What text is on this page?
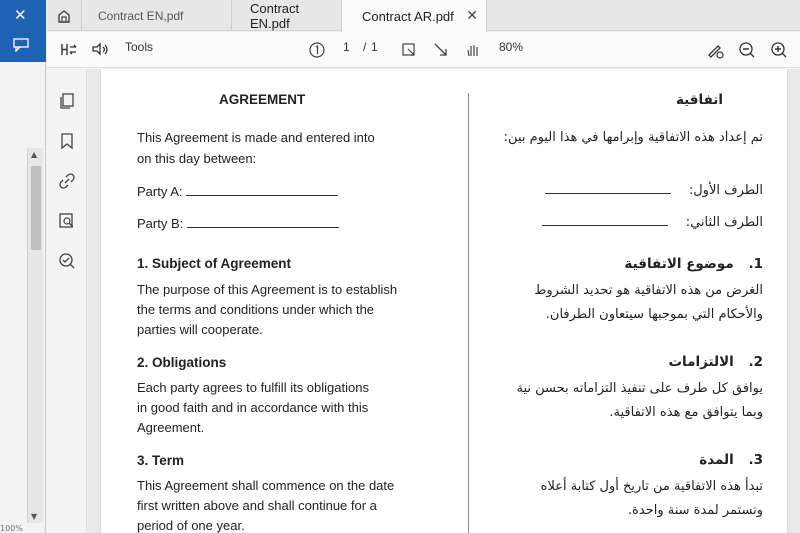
✕
▲
▼
100%
Contract EN,pdf	Contract EN.pdf	Contract AR.pdf ✕
Tools	1 / 1	80%
AGREEMENT
This Agreement is made and entered into
on this day between:
Party A:
Party B:
1. Subject of Agreement
The purpose of this Agreement is to establish
the terms and conditions under which the
parties will cooperate.
2. Obligations
Each party agrees to fulfill its obligations
in good faith and in accordance with this
Agreement.
3. Term
This Agreement shall commence on the date
first written above and shall continue for a
period of one year.
اتفاقية
تم إعداد هذه الاتفاقية وإبرامها في هذا اليوم بين:
الطرف الأول:
الطرف الثاني:
1. موضوع الاتفاقية
الغرض من هذه الاتفاقية هو تحديد الشروط
والأحكام التي بموجبها سيتعاون الطرفان.
2. الالتزامات
يوافق كل طرف على تنفيذ التزاماته بحسن نية
وبما يتوافق مع هذه الاتفاقية.
3. المدة
تبدأ هذه الاتفاقية من تاريخ أول كتابة أعلاه
وتستمر لمدة سنة واحدة.
